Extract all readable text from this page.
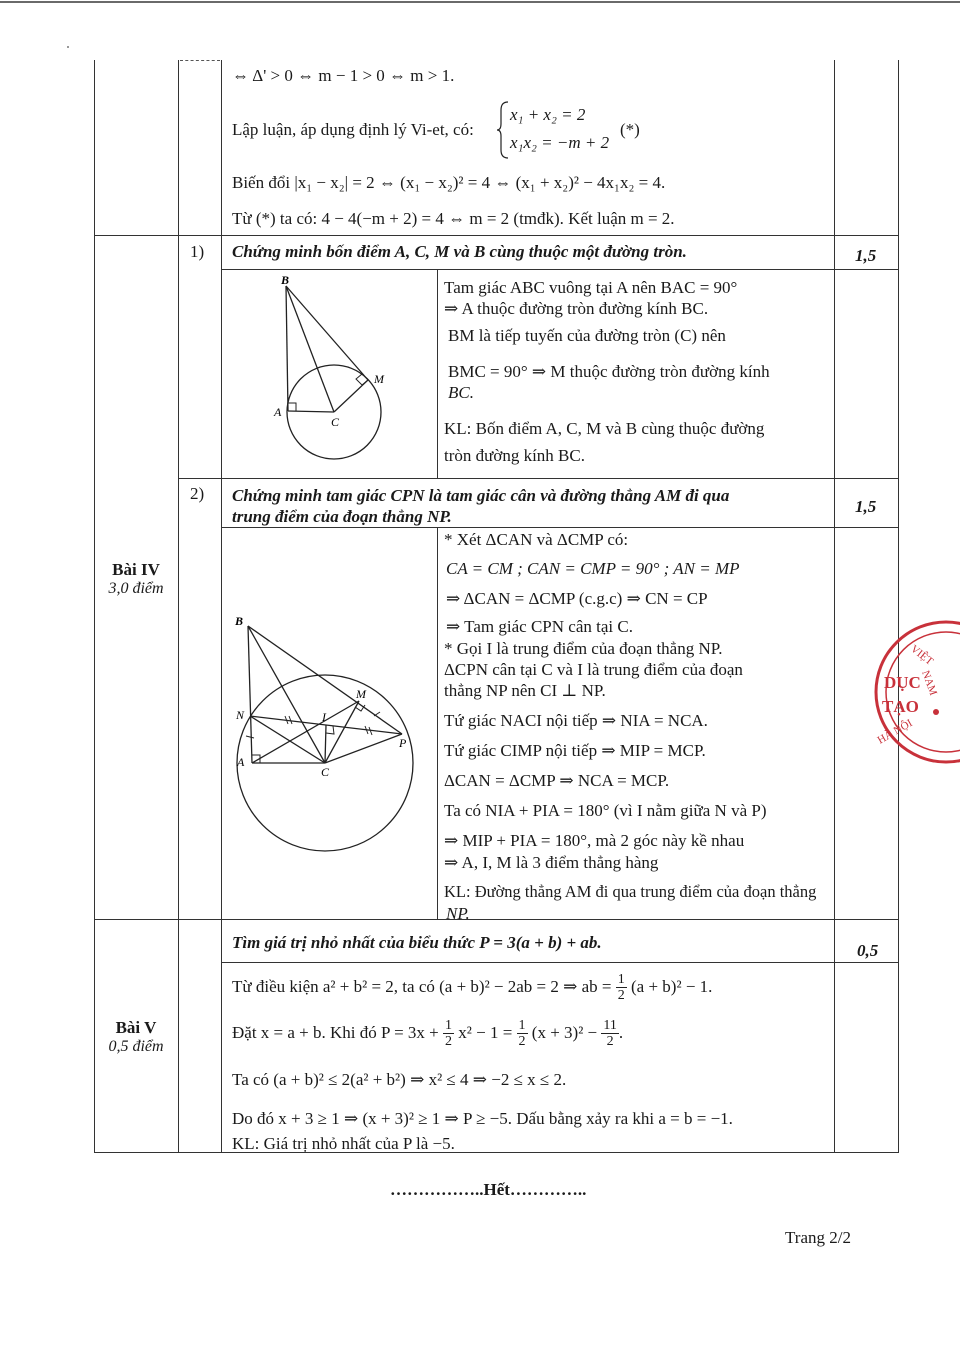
⇔ Δ' > 0 ⇔ m − 1 > 0 ⇔ m > 1.
Lập luận, áp dụng định lý Vi-et, có:
x₁ + x₂ = 2
x₁x₂ = −m + 2
(*)
Biến đổi |x₁ − x₂| = 2 ⇔ (x₁ − x₂)² = 4 ⇔ (x₁ + x₂)² − 4x₁x₂ = 4.
Từ (*) ta có: 4 − 4(−m + 2) = 4 ⇔ m = 2 (tmđk). Kết luận m = 2.
Bài IV
3,0 điểm
1) Chứng minh bốn điểm A, C, M và B cùng thuộc một đường tròn.	1,5
B
A
C
M
Tam giác ABC vuông tại A nên BAC = 90°
⇒ A thuộc đường tròn đường kính BC.
BM là tiếp tuyến của đường tròn (C) nên
BMC = 90° ⇒ M thuộc đường tròn đường kính
BC.
KL: Bốn điểm A, C, M và B cùng thuộc đường
tròn đường kính BC.
2) Chứng minh tam giác CPN là tam giác cân và đường thẳng AM đi qua
trung điểm của đoạn thẳng NP.
1,5
B
N
A
C
M
I
P
* Xét ΔCAN và ΔCMP có:
CA = CM ; CAN = CMP = 90° ; AN = MP
⇒ ΔCAN = ΔCMP (c.g.c) ⇒ CN = CP
⇒ Tam giác CPN cân tại C.
* Gọi I là trung điểm của đoạn thẳng NP.
ΔCPN cân tại C và I là trung điểm của đoạn
thẳng NP nên CI ⊥ NP.
Tứ giác NACI nội tiếp ⇒ NIA = NCA.
Tứ giác CIMP nội tiếp ⇒ MIP = MCP.
ΔCAN = ΔCMP ⇒ NCA = MCP.
Ta có NIA + PIA = 180° (vì I nằm giữa N và P)
⇒ MIP + PIA = 180°, mà 2 góc này kề nhau
⇒ A, I, M là 3 điểm thẳng hàng
KL: Đường thẳng AM đi qua trung điểm của đoạn thẳng
NP.
Bài V
0,5 điểm
Tìm giá trị nhỏ nhất của biểu thức P = 3(a + b) + ab.	0,5
Từ điều kiện a² + b² = 2, ta có (a + b)² − 2ab = 2 ⇒ ab = $\frac{1}{2} (a + b)^2 - 1$.
Đặt x = a + b. Khi đó $P = 3x + \frac{1}{2} x^2 - 1 = \frac{1}{2} (x + 3)^2 - \frac{11}{2}$ .
Ta có (a + b)² ≤ 2(a² + b²) ⇒ x² ≤ 4 ⇒ −2 ≤ x ≤ 2.
Do đó x + 3 ≥ 1 ⇒ (x + 3)² ≥ 1 ⇒ P ≥ −5. Dấu bằng xảy ra khi a = b = −1.
KL: Giá trị nhỏ nhất của P là −5.
……………..Hết…………..
Trang 2/2
VIỆT
NAM
DỤC
TẠO
HÀ NỘI
